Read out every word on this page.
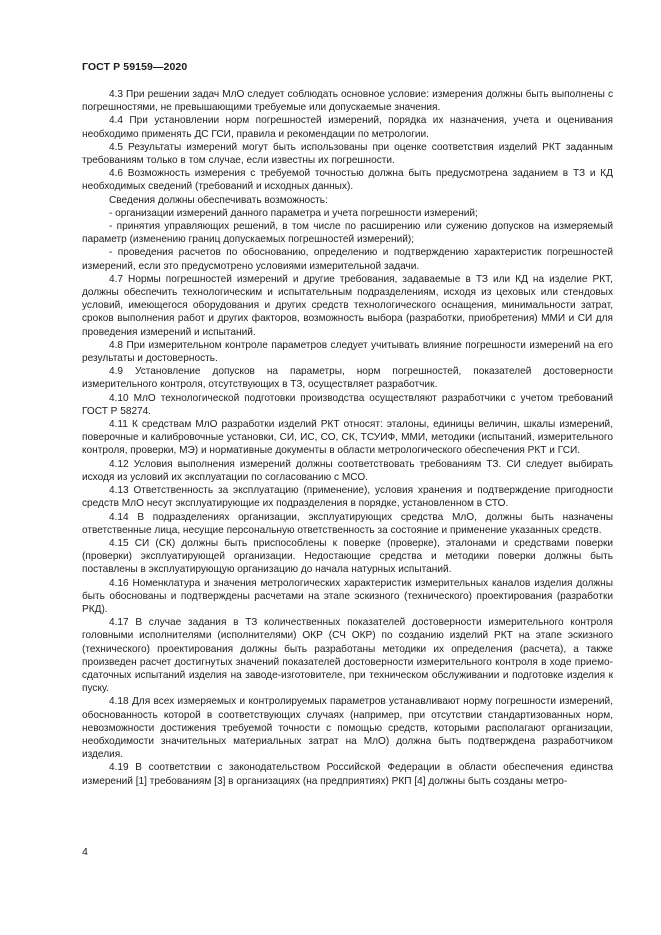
ГОСТ Р 59159—2020

4.3 При решении задач МлО следует соблюдать основное условие: измерения должны быть выполнены с погрешностями, не превышающими требуемые или допускаемые значения.

4.4 При установлении норм погрешностей измерений, порядка их назначения, учета и оценивания необходимо применять ДС ГСИ, правила и рекомендации по метрологии.

4.5 Результаты измерений могут быть использованы при оценке соответствия изделий РКТ заданным требованиям только в том случае, если известны их погрешности.

4.6 Возможность измерения с требуемой точностью должна быть предусмотрена заданием в ТЗ и КД необходимых сведений (требований и исходных данных).

Сведения должны обеспечивать возможность:

- организации измерений данного параметра и учета погрешности измерений;

- принятия управляющих решений, в том числе по расширению или сужению допусков на измеряемый параметр (изменению границ допускаемых погрешностей измерений);

- проведения расчетов по обоснованию, определению и подтверждению характеристик погрешностей измерений, если это предусмотрено условиями измерительной задачи.

4.7 Нормы погрешностей измерений и другие требования, задаваемые в ТЗ или КД на изделие РКТ, должны обеспечить технологическим и испытательным подразделениям, исходя из цеховых или стендовых условий, имеющегося оборудования и других средств технологического оснащения, минимальности затрат, сроков выполнения работ и других факторов, возможность выбора (разработки, приобретения) ММИ и СИ для проведения измерений и испытаний.

4.8 При измерительном контроле параметров следует учитывать влияние погрешности измерений на его результаты и достоверность.

4.9 Установление допусков на параметры, норм погрешностей, показателей достоверности измерительного контроля, отсутствующих в ТЗ, осуществляет разработчик.

4.10 МлО технологической подготовки производства осуществляют разработчики с учетом требований ГОСТ Р 58274.

4.11 К средствам МлО разработки изделий РКТ относят: эталоны, единицы величин, шкалы измерений, поверочные и калибровочные установки, СИ, ИС, СО, СК, ТСУИФ, ММИ, методики (испытаний, измерительного контроля, проверки, МЭ) и нормативные документы в области метрологического обеспечения РКТ и ГСИ.

4.12 Условия выполнения измерений должны соответствовать требованиям ТЗ. СИ следует выбирать исходя из условий их эксплуатации по согласованию с МСО.

4.13 Ответственность за эксплуатацию (применение), условия хранения и подтверждение пригодности средств МлО несут эксплуатирующие их подразделения в порядке, установленном в СТО.

4.14 В подразделениях организации, эксплуатирующих средства МлО, должны быть назначены ответственные лица, несущие персональную ответственность за состояние и применение указанных средств.

4.15 СИ (СК) должны быть приспособлены к поверке (проверке), эталонами и средствами поверки (проверки) эксплуатирующей организации. Недостающие средства и методики поверки должны быть поставлены в эксплуатирующую организацию до начала натурных испытаний.

4.16 Номенклатура и значения метрологических характеристик измерительных каналов изделия должны быть обоснованы и подтверждены расчетами на этапе эскизного (технического) проектирования (разработки РКД).

4.17 В случае задания в ТЗ количественных показателей достоверности измерительного контроля головными исполнителями (исполнителями) ОКР (СЧ ОКР) по созданию изделий РКТ на этапе эскизного (технического) проектирования должны быть разработаны методики их определения (расчета), а также произведен расчет достигнутых значений показателей достоверности измерительного контроля в ходе приемо-сдаточных испытаний изделия на заводе-изготовителе, при техническом обслуживании и подготовке изделия к пуску.

4.18 Для всех измеряемых и контролируемых параметров устанавливают норму погрешности измерений, обоснованность которой в соответствующих случаях (например, при отсутствии стандартизованных норм, невозможности достижения требуемой точности с помощью средств, которыми располагают организации, необходимости значительных материальных затрат на МлО) должна быть подтверждена разработчиком изделия.

4.19 В соответствии с законодательством Российской Федерации в области обеспечения единства измерений [1] требованиям [3] в организациях (на предприятиях) РКП [4] должны быть созданы метро-

4
